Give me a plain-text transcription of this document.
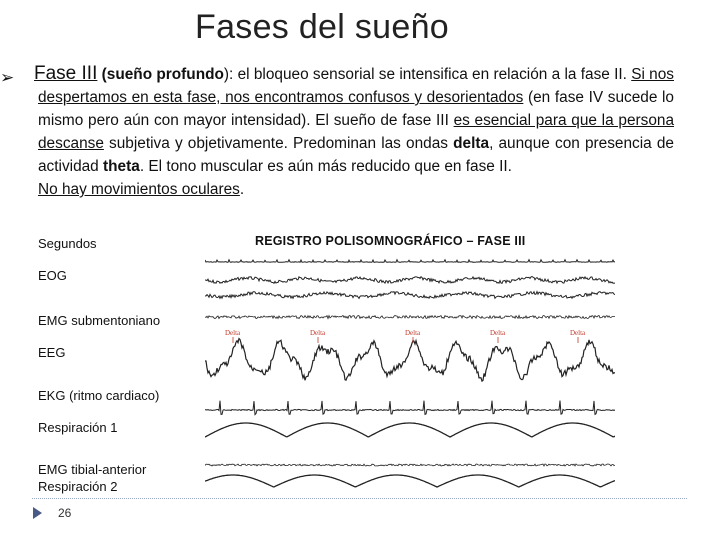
Fases del sueño
➢ Fase III (sueño profundo): el bloqueo sensorial se intensifica en relación a la fase II. Si nos despertamos en esta fase, nos encontramos confusos y desorientados (en fase IV sucede lo mismo pero aún con mayor intensidad). El sueño de fase III es esencial para que la persona descanse subjetiva y objetivamente. Predominan las ondas delta, aunque con presencia de actividad theta. El tono muscular es aún más reducido que en fase II.
No hay movimientos oculares.
Segundos
EOG
EMG submentoniano
EEG
EKG (ritmo cardiaco)
Respiración 1
EMG tibial-anterior
Respiración 2
REGISTRO POLISOMNOGRÁFICO – FASE III
Delta	Delta	Delta	Delta	Delta
26
